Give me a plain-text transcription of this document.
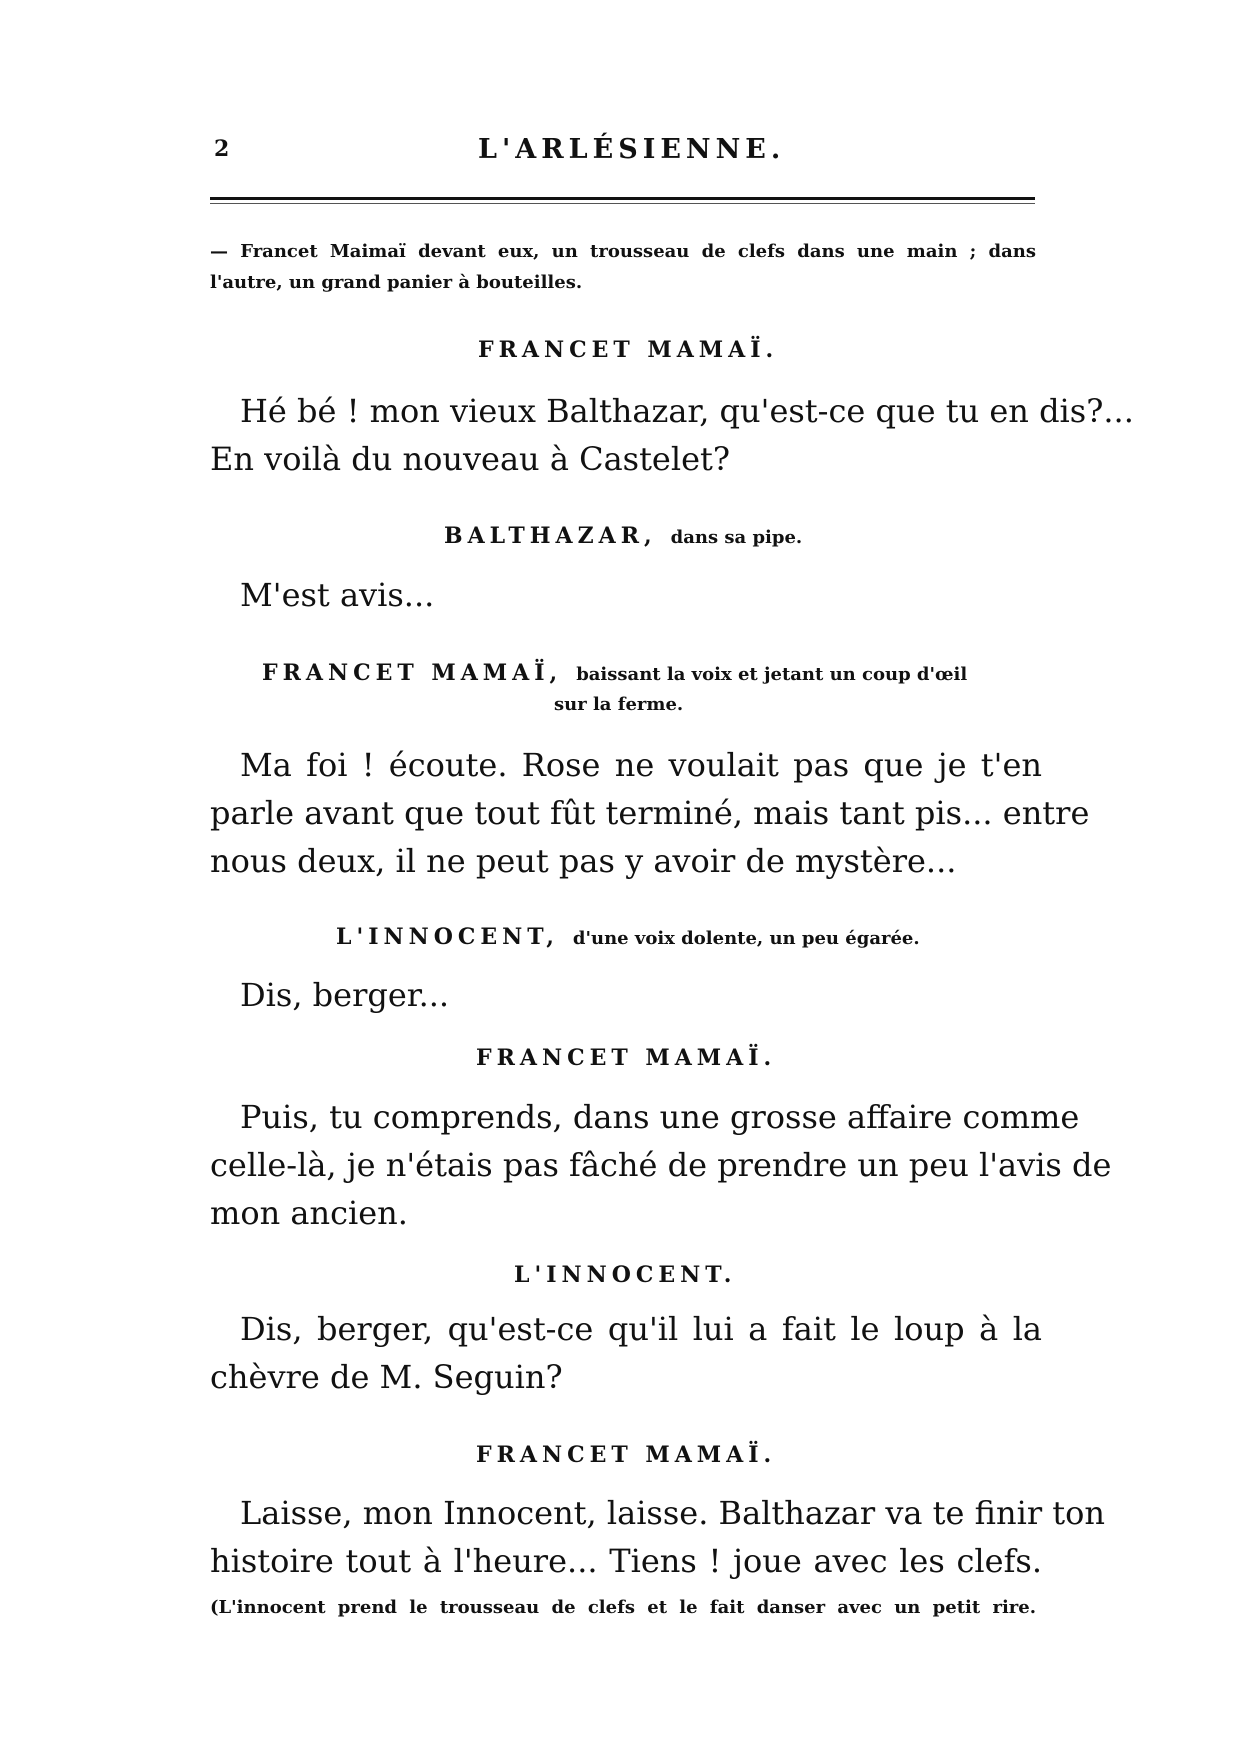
2	L'ARLÉSIENNE.
— Francet Maimaï devant eux, un trousseau de clefs dans une main ; dans
l'autre, un grand panier à bouteilles.
FRANCET MAMAÏ.
Hé bé ! mon vieux Balthazar, qu'est-ce que tu en dis?...
En voilà du nouveau à Castelet?
BALTHAZAR, dans sa pipe.
M'est avis...
FRANCET MAMAÏ, baissant la voix et jetant un coup d'œil
sur la ferme.
Ma foi ! écoute. Rose ne voulait pas que je t'en
parle avant que tout fût terminé, mais tant pis... entre
nous deux, il ne peut pas y avoir de mystère...
L'INNOCENT, d'une voix dolente, un peu égarée.
Dis, berger...
FRANCET MAMAÏ.
Puis, tu comprends, dans une grosse affaire comme
celle-là, je n'étais pas fâché de prendre un peu l'avis de
mon ancien.
L'INNOCENT.
Dis, berger, qu'est-ce qu'il lui a fait le loup à la
chèvre de M. Seguin?
FRANCET MAMAÏ.
Laisse, mon Innocent, laisse. Balthazar va te finir ton
histoire tout à l'heure... Tiens ! joue avec les clefs.
(L'innocent prend le trousseau de clefs et le fait danser avec un petit rire.
